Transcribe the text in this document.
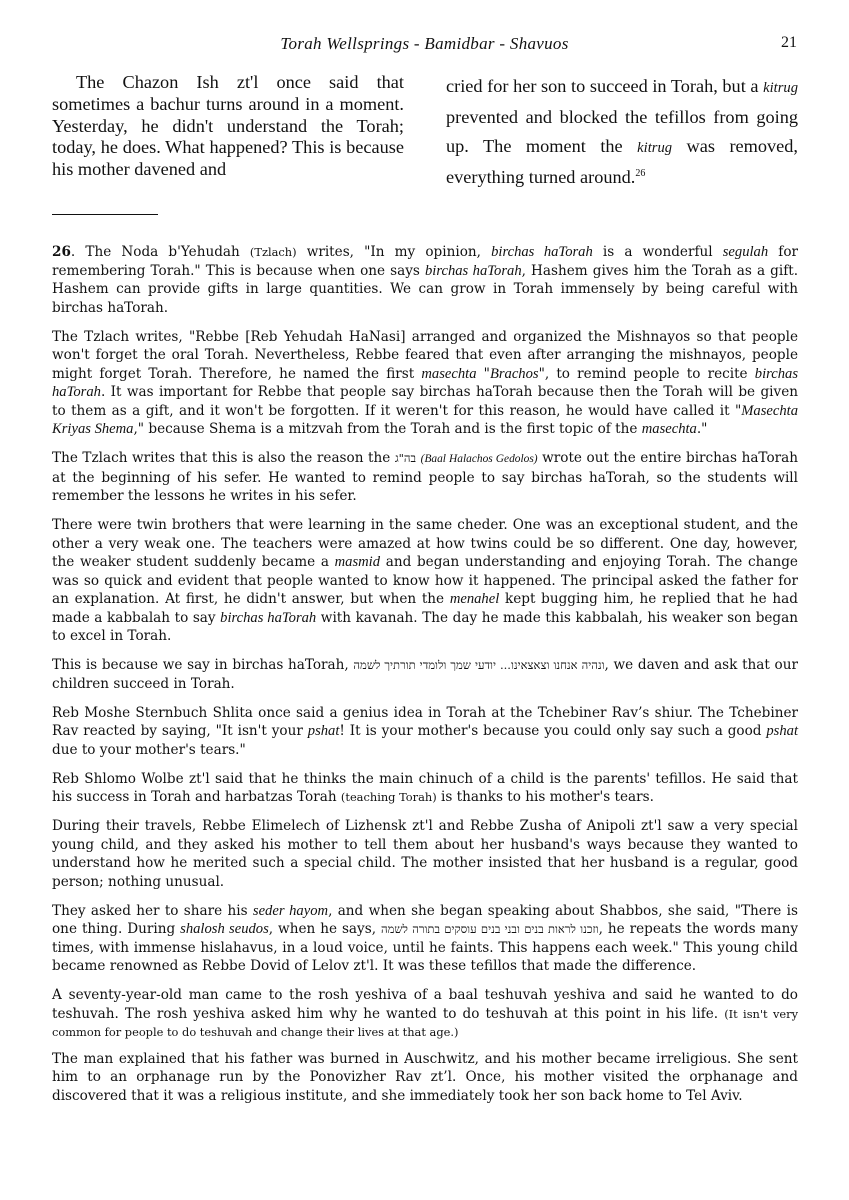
Torah Wellsprings - Bamidbar - Shavuos	21

The Chazon Ish zt'l once said that sometimes a bachur turns around in a moment. Yesterday, he didn't understand the Torah; today, he does. What happened? This is because his mother davened and

cried for her son to succeed in Torah, but a kitrug prevented and blocked the tefillos from going up. The moment the kitrug was removed, everything turned around.$^{26}$

26. The Noda b'Yehudah (Tzlach) writes, "In my opinion, birchas haTorah is a wonderful segulah for remembering Torah." This is because when one says birchas haTorah, Hashem gives him the Torah as a gift. Hashem can provide gifts in large quantities. We can grow in Torah immensely by being careful with birchas haTorah.

The Tzlach writes, "Rebbe [Reb Yehudah HaNasi] arranged and organized the Mishnayos so that people won't forget the oral Torah. Nevertheless, Rebbe feared that even after arranging the mishnayos, people might forget Torah. Therefore, he named the first masechta "Brachos", to remind people to recite birchas haTorah. It was important for Rebbe that people say birchas haTorah because then the Torah will be given to them as a gift, and it won't be forgotten. If it weren't for this reason, he would have called it "Masechta Kriyas Shema," because Shema is a mitzvah from the Torah and is the first topic of the masechta."

The Tzlach writes that this is also the reason the בה"ג (Baal Halachos Gedolos) wrote out the entire birchas haTorah at the beginning of his sefer. He wanted to remind people to say birchas haTorah, so the students will remember the lessons he writes in his sefer.

There were twin brothers that were learning in the same cheder. One was an exceptional student, and the other a very weak one. The teachers were amazed at how twins could be so different. One day, however, the weaker student suddenly became a masmid and began understanding and enjoying Torah. The change was so quick and evident that people wanted to know how it happened. The principal asked the father for an explanation. At first, he didn't answer, but when the menahel kept bugging him, he replied that he had made a kabbalah to say birchas haTorah with kavanah. The day he made this kabbalah, his weaker son began to excel in Torah.

This is because we say in birchas haTorah, ונהיה אנחנו וצאצאינו... יודעי שמך ולומדי תורתיך לשמה, we daven and ask that our children succeed in Torah.

Reb Moshe Sternbuch Shlita once said a genius idea in Torah at the Tchebiner Rav’s shiur. The Tchebiner Rav reacted by saying, "It isn't your pshat! It is your mother's because you could only say such a good pshat due to your mother's tears."

Reb Shlomo Wolbe zt'l said that he thinks the main chinuch of a child is the parents' tefillos. He said that his success in Torah and harbatzas Torah (teaching Torah) is thanks to his mother's tears.

During their travels, Rebbe Elimelech of Lizhensk zt'l and Rebbe Zusha of Anipoli zt'l saw a very special young child, and they asked his mother to tell them about her husband's ways because they wanted to understand how he merited such a special child. The mother insisted that her husband is a regular, good person; nothing unusual.

They asked her to share his seder hayom, and when she began speaking about Shabbos, she said, "There is one thing. During shalosh seudos, when he says, וזכנו לראות בנים ובני בנים עוסקים בתורה לשמה, he repeats the words many times, with immense hislahavus, in a loud voice, until he faints. This happens each week." This young child became renowned as Rebbe Dovid of Lelov zt'l. It was these tefillos that made the difference.

A seventy-year-old man came to the rosh yeshiva of a baal teshuvah yeshiva and said he wanted to do teshuvah. The rosh yeshiva asked him why he wanted to do teshuvah at this point in his life. (It isn't very common for people to do teshuvah and change their lives at that age.)

The man explained that his father was burned in Auschwitz, and his mother became irreligious. She sent him to an orphanage run by the Ponovizher Rav zt’l. Once, his mother visited the orphanage and discovered that it was a religious institute, and she immediately took her son back home to Tel Aviv.
